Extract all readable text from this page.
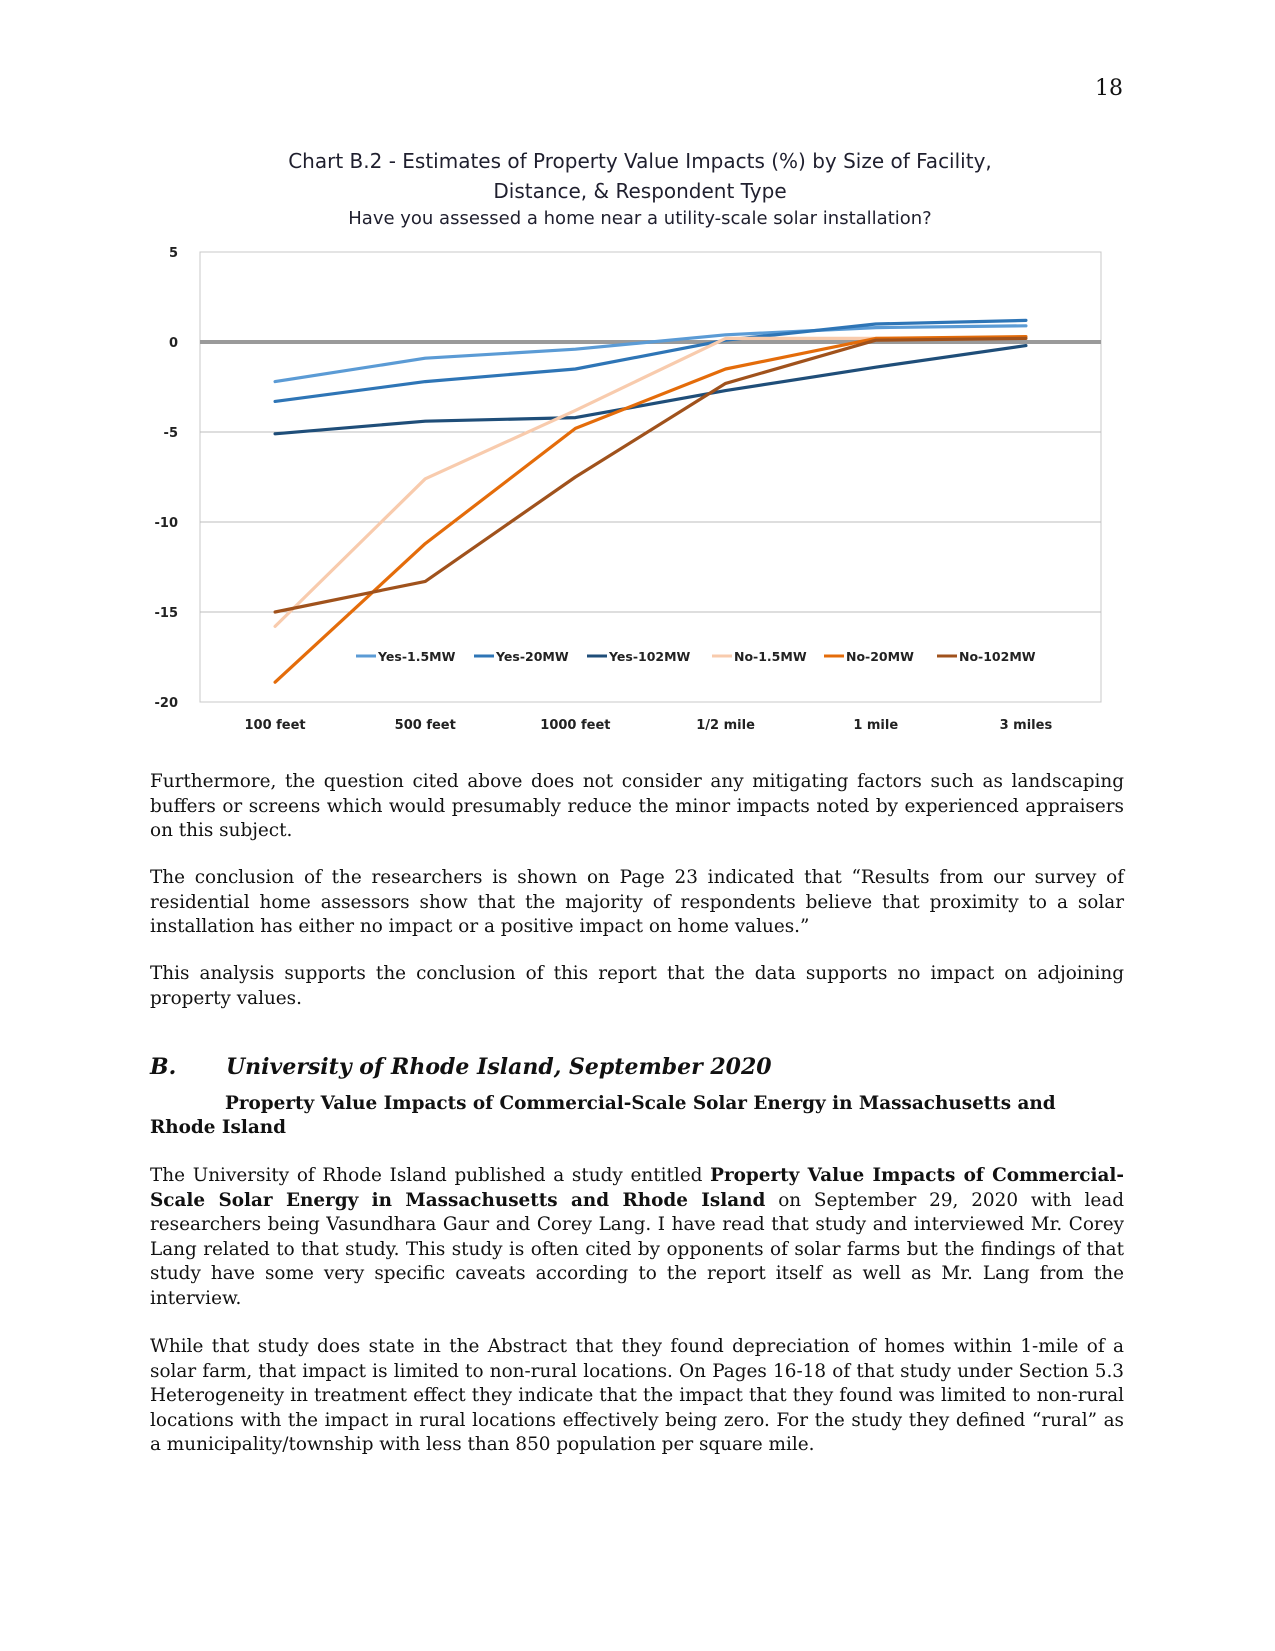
18
Chart B.2 - Estimates of Property Value Impacts (%) by Size of Facility,
Distance, & Respondent Type
Have you assessed a home near a utility-scale solar installation?
5
0
-5
-10
-15
-20
100 feet	500 feet	1000 feet	1/2 mile	1 mile	3 miles
Yes-1.5MW	Yes-20MW	Yes-102MW	No-1.5MW	No-20MW	No-102MW

Furthermore, the question cited above does not consider any mitigating factors such as landscaping buffers or screens which would presumably reduce the minor impacts noted by experienced appraisers on this subject.

The conclusion of the researchers is shown on Page 23 indicated that “Results from our survey of residential home assessors show that the majority of respondents believe that proximity to a solar installation has either no impact or a positive impact on home values.”

This analysis supports the conclusion of this report that the data supports no impact on adjoining property values.

B. University of Rhode Island, September 2020

Property Value Impacts of Commercial-Scale Solar Energy in Massachusetts and Rhode Island

The University of Rhode Island published a study entitled Property Value Impacts of Commercial-Scale Solar Energy in Massachusetts and Rhode Island on September 29, 2020 with lead researchers being Vasundhara Gaur and Corey Lang. I have read that study and interviewed Mr. Corey Lang related to that study. This study is often cited by opponents of solar farms but the findings of that study have some very specific caveats according to the report itself as well as Mr. Lang from the interview.

While that study does state in the Abstract that they found depreciation of homes within 1-mile of a solar farm, that impact is limited to non-rural locations. On Pages 16-18 of that study under Section 5.3 Heterogeneity in treatment effect they indicate that the impact that they found was limited to non-rural locations with the impact in rural locations effectively being zero. For the study they defined “rural” as a municipality/township with less than 850 population per square mile.
